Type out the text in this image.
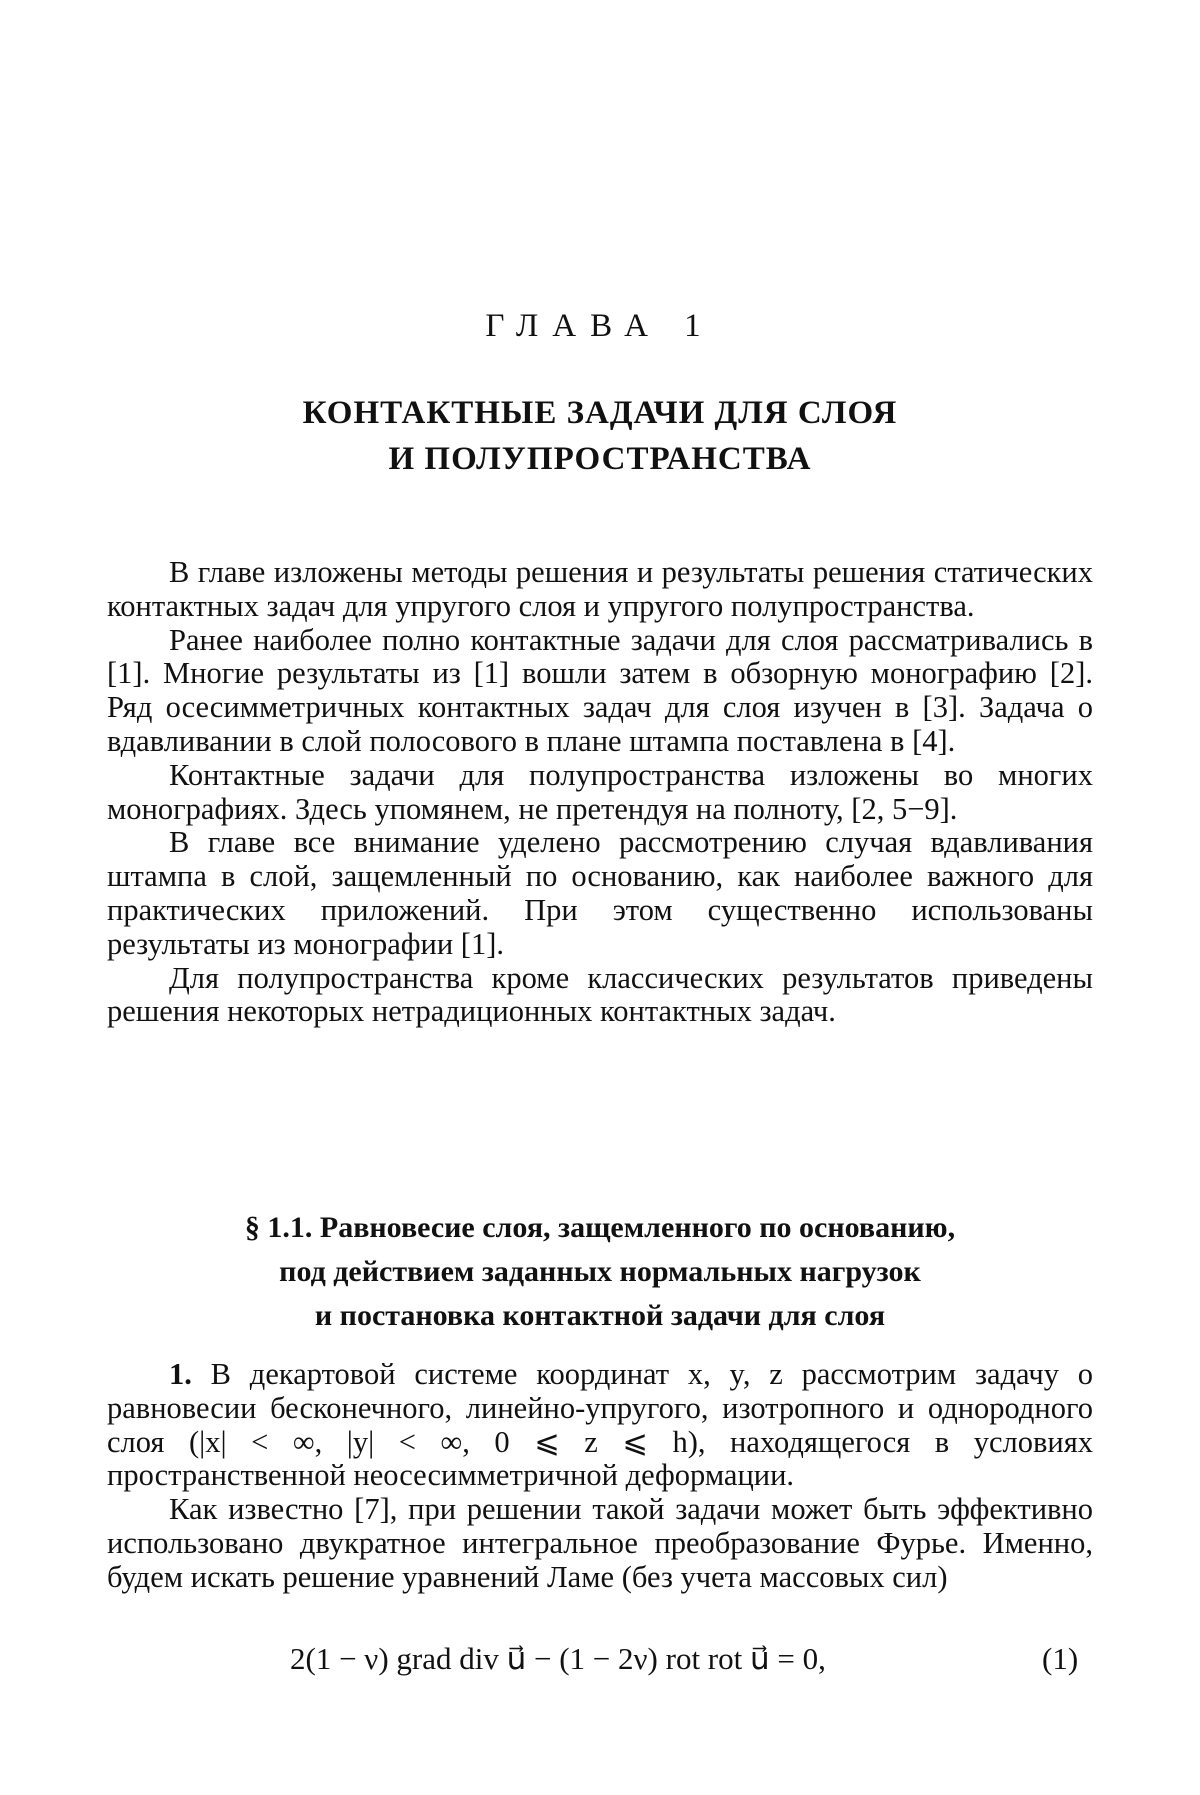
ГЛАВА 1
КОНТАКТНЫЕ ЗАДАЧИ ДЛЯ СЛОЯ
И ПОЛУПРОСТРАНСТВА

В главе изложены методы решения и результаты решения статических контактных задач для упругого слоя и упругого полупространства.

Ранее наиболее полно контактные задачи для слоя рассматривались в [1]. Многие результаты из [1] вошли затем в обзорную монографию [2]. Ряд осесимметричных контактных задач для слоя изучен в [3]. Задача о вдавливании в слой полосового в плане штампа поставлена в [4].

Контактные задачи для полупространства изложены во многих монографиях. Здесь упомянем, не претендуя на полноту, [2, 5−9].

В главе все внимание уделено рассмотрению случая вдавливания штампа в слой, защемленный по основанию, как наиболее важного для практических приложений. При этом существенно использованы результаты из монографии [1].

Для полупространства кроме классических результатов приведены решения некоторых нетрадиционных контактных задач.

§ 1.1. Равновесие слоя, защемленного по основанию,
под действием заданных нормальных нагрузок
и постановка контактной задачи для слоя

1. В декартовой системе координат x, y, z рассмотрим задачу о равновесии бесконечного, линейно-упругого, изотропного и однородного слоя (|x| < ∞, |y| < ∞, 0 ⩽ z ⩽ h), находящегося в условиях пространственной неосесимметричной деформации.

Как известно [7], при решении такой задачи может быть эффективно использовано двукратное интегральное преобразование Фурье. Именно, будем искать решение уравнений Ламе (без учета массовых сил)

2(1 − ν) grad div u⃗ − (1 − 2ν) rot rot u⃗ = 0,	(1)
